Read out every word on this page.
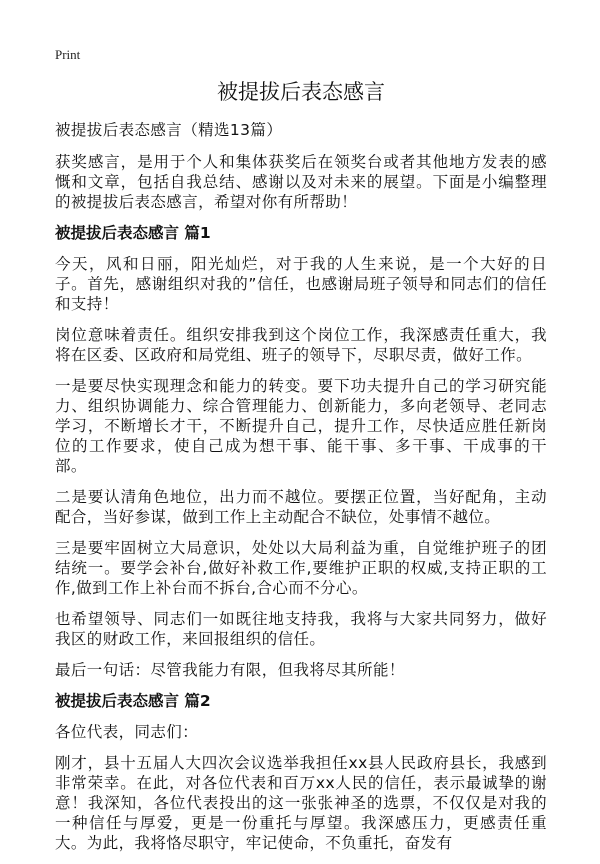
Print
被提拔后表态感言

被提拔后表态感言（精选13篇）

获奖感言，是用于个人和集体获奖后在领奖台或者其他地方发表的感慨和文章，包括自我总结、感谢以及对未来的展望。下面是小编整理的被提拔后表态感言，希望对你有所帮助！

被提拔后表态感言 篇1

今天，风和日丽，阳光灿烂，对于我的人生来说，是一个大好的日子。首先，感谢组织对我的”信任，也感谢局班子领导和同志们的信任和支持！

岗位意味着责任。组织安排我到这个岗位工作，我深感责任重大，我将在区委、区政府和局党组、班子的领导下，尽职尽责，做好工作。

一是要尽快实现理念和能力的转变。要下功夫提升自己的学习研究能力、组织协调能力、综合管理能力、创新能力，多向老领导、老同志学习，不断增长才干，不断提升自己，提升工作，尽快适应胜任新岗位的工作要求，使自己成为想干事、能干事、多干事、干成事的干部。

二是要认清角色地位，出力而不越位。要摆正位置，当好配角，主动配合，当好参谋，做到工作上主动配合不缺位，处事情不越位。

三是要牢固树立大局意识，处处以大局利益为重，自觉维护班子的团结统一。要学会补台,做好补救工作,要维护正职的权威,支持正职的工作,做到工作上补台而不拆台,合心而不分心。

也希望领导、同志们一如既往地支持我，我将与大家共同努力，做好我区的财政工作，来回报组织的信任。

最后一句话：尽管我能力有限，但我将尽其所能！

被提拔后表态感言 篇2

各位代表，同志们：

刚才，县十五届人大四次会议选举我担任xx县人民政府县长，我感到非常荣幸。在此，对各位代表和百万xx人民的信任，表示最诚挚的谢意！我深知，各位代表投出的这一张张神圣的选票，不仅仅是对我的一种信任与厚爱，更是一份重托与厚望。我深感压力，更感责任重大。为此，我将恪尽职守，牢记使命，不负重托，奋发有
